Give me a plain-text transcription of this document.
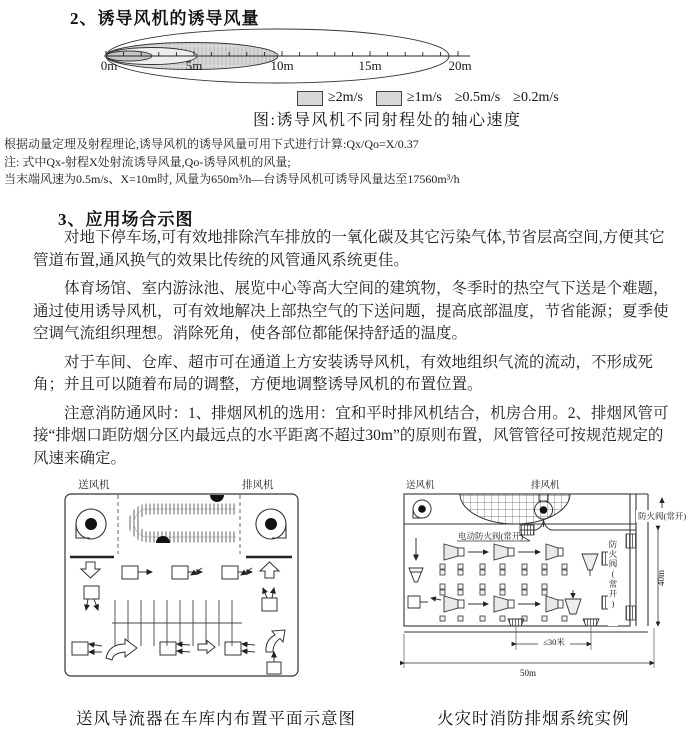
2、诱导风机的诱导风量
0m	5m	10m	15m	20m
≥2m/s	≥1m/s ≥0.5m/s ≥0.2m/s
图:诱导风机不同射程处的轴心速度
根据动量定理及射程理论,诱导风机的诱导风量可用下式进行计算:Qx/Qo=X/0.37
注: 式中Qx-射程X处射流诱导风量,Qo-诱导风机的风量;
当末端风速为0.5m/s、X=10m时, 风量为650m³/h—台诱导风机可诱导风量达至17560m³/h
3、应用场合示图

对地下停车场,可有效地排除汽车排放的一氧化碳及其它污染气体,节省层高空间,方便其它管道布置,通风换气的效果比传统的风管通风系统更佳。

体育场馆、室内游泳池、展览中心等高大空间的建筑物，冬季时的热空气下送是个难题，通过使用诱导风机，可有效地解决上部热空气的下送问题，提高底部温度，节省能源；夏季使空调气流组织理想。消除死角，使各部位都能保持舒适的温度。

对于车间、仓库、超市可在通道上方安装诱导风机，有效地组织气流的流动，不形成死角；并且可以随着布局的调整，方便地调整诱导风机的布置位置。

注意消防通风时：1、排烟风机的选用：宜和平时排风机结合，机房合用。2、排烟风管可接“排烟口距防烟分区内最远点的水平距离不超过30m”的原则布置，风管管径可按规范规定的风速来确定。

送风机	排风机	送风机	排风机
电动防火阀(常开)
防火阀(常开)
40m
≤30米
50m
防火阀(常开)
送风导流器在车库内布置平面示意图	火灾时消防排烟系统实例
